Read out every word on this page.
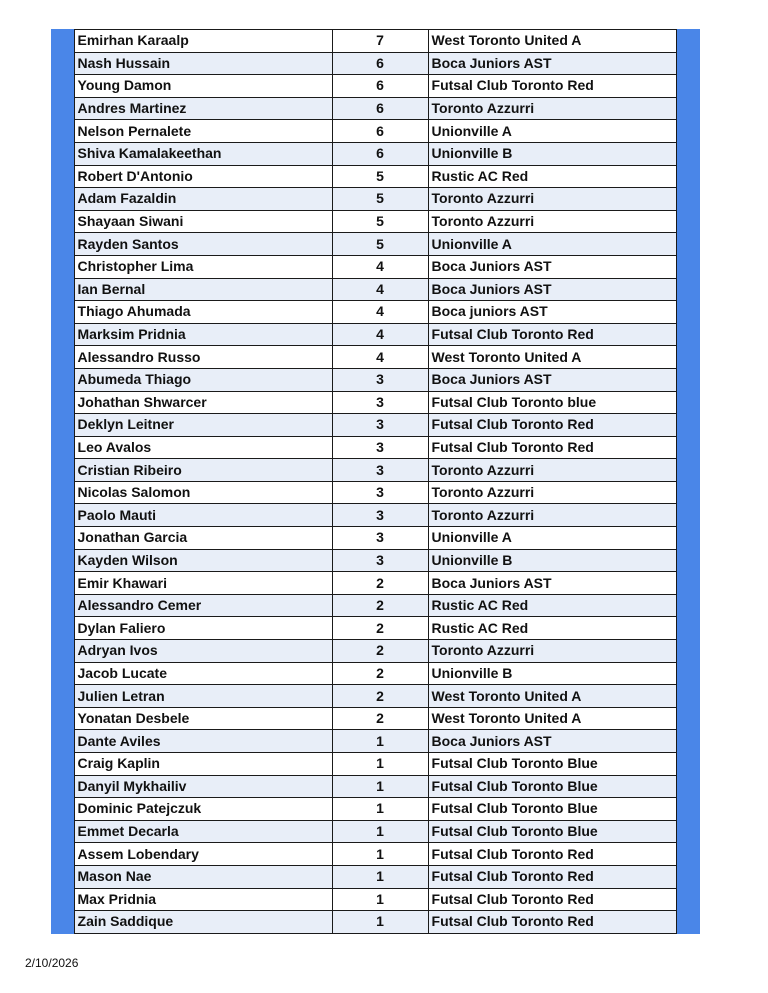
Emirhan Karaalp	7	West Toronto United A
Nash Hussain	6	Boca Juniors AST
Young Damon	6	Futsal Club Toronto Red
Andres Martinez	6	Toronto Azzurri
Nelson Pernalete	6	Unionville A
Shiva Kamalakeethan	6	Unionville B
Robert D'Antonio	5	Rustic AC Red
Adam Fazaldin	5	Toronto Azzurri
Shayaan Siwani	5	Toronto Azzurri
Rayden Santos	5	Unionville A
Christopher Lima	4	Boca Juniors AST
Ian Bernal	4	Boca Juniors AST
Thiago Ahumada	4	Boca juniors AST
Marksim Pridnia	4	Futsal Club Toronto Red
Alessandro Russo	4	West Toronto United A
Abumeda Thiago	3	Boca Juniors AST
Johathan Shwarcer	3	Futsal Club Toronto blue
Deklyn Leitner	3	Futsal Club Toronto Red
Leo Avalos	3	Futsal Club Toronto Red
Cristian Ribeiro	3	Toronto Azzurri
Nicolas Salomon	3	Toronto Azzurri
Paolo Mauti	3	Toronto Azzurri
Jonathan Garcia	3	Unionville A
Kayden Wilson	3	Unionville B
Emir Khawari	2	Boca Juniors AST
Alessandro Cemer	2	Rustic AC Red
Dylan Faliero	2	Rustic AC Red
Adryan Ivos	2	Toronto Azzurri
Jacob Lucate	2	Unionville B
Julien Letran	2	West Toronto United A
Yonatan Desbele	2	West Toronto United A
Dante Aviles	1	Boca Juniors AST
Craig Kaplin	1	Futsal Club Toronto Blue
Danyil Mykhailiv	1	Futsal Club Toronto Blue
Dominic Patejczuk	1	Futsal Club Toronto Blue
Emmet Decarla	1	Futsal Club Toronto Blue
Assem Lobendary	1	Futsal Club Toronto Red
Mason Nae	1	Futsal Club Toronto Red
Max Pridnia	1	Futsal Club Toronto Red
Zain Saddique	1	Futsal Club Toronto Red
2/10/2026
